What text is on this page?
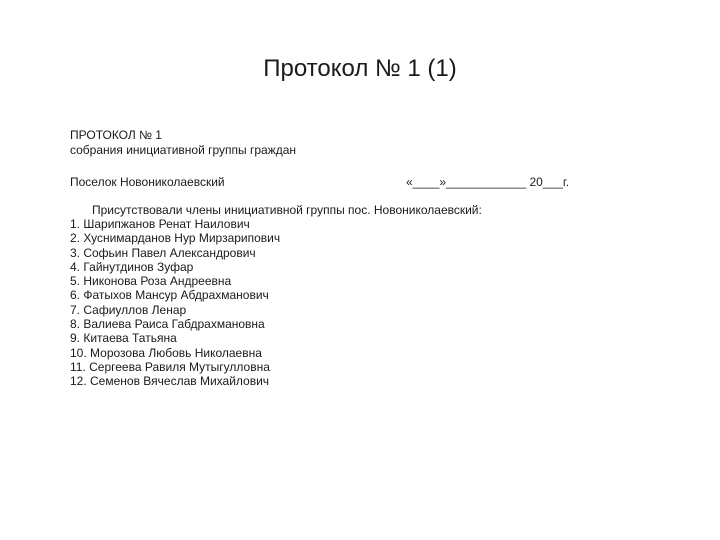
Протокол № 1 (1)
ПРОТОКОЛ № 1
собрания инициативной группы граждан
Поселок Новониколаевский	«____»____________ 20___г.
Присутствовали члены инициативной группы пос. Новониколаевский:
1. Шарипжанов Ренат Наилович
2. Хуснимарданов Нур Мирзарипович
3. Софьин Павел Александрович
4. Гайнутдинов Зуфар
5. Никонова Роза Андреевна
6. Фатыхов Мансур Абдрахманович
7. Сафиуллов Ленар
8. Валиева Раиса Габдрахмановна
9. Китаева Татьяна
10. Морозова Любовь Николаевна
11. Сергеева Равиля Мутыгулловна
12. Семенов Вячеслав Михайлович
